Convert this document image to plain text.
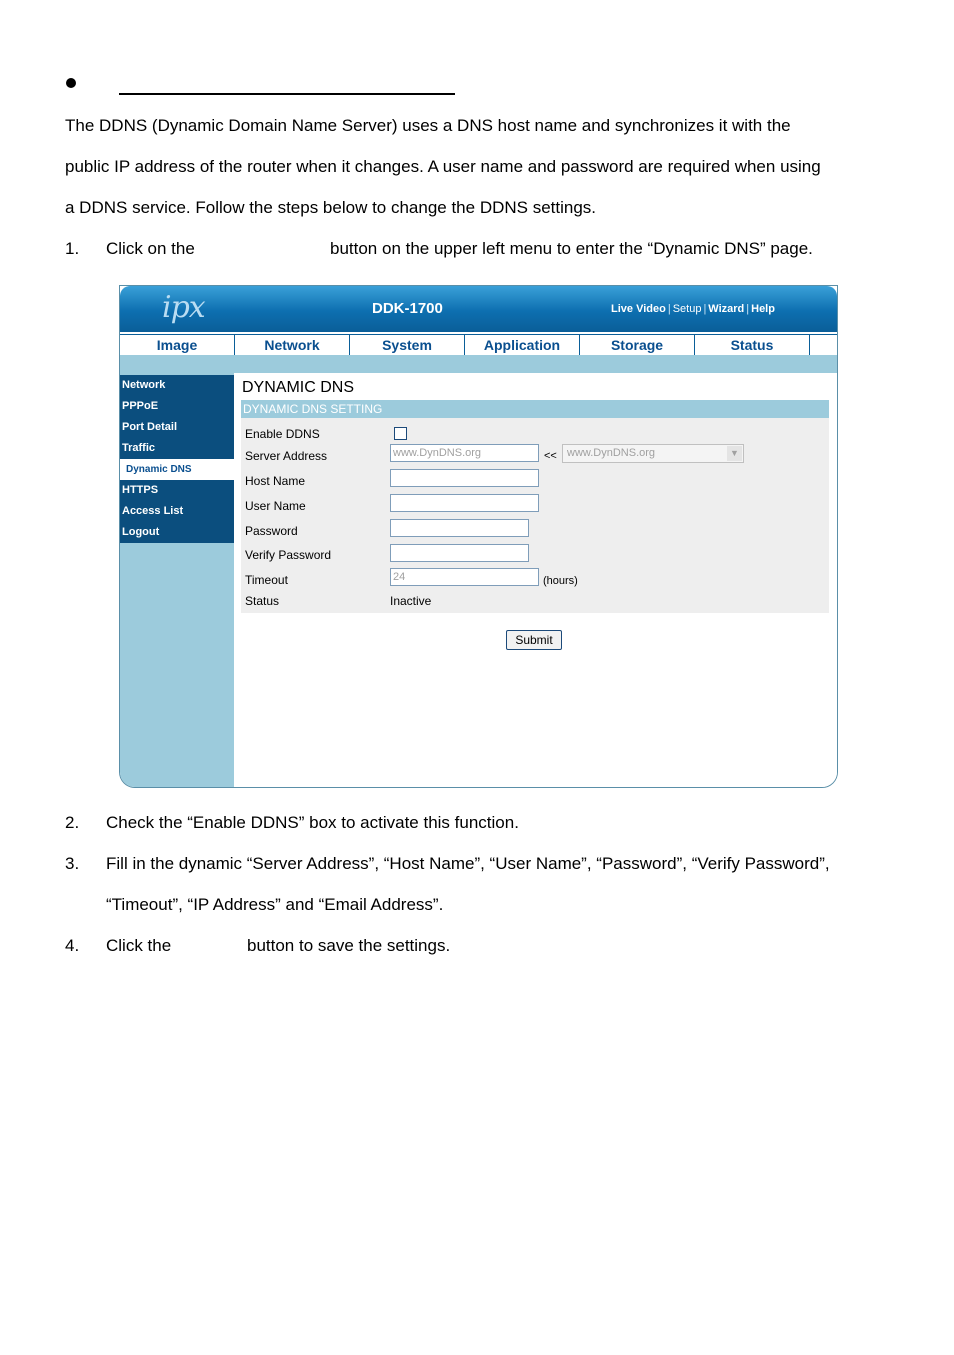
The DDNS (Dynamic Domain Name Server) uses a DNS host name and synchronizes it with the
public IP address of the router when it changes. A user name and password are required when using
a DDNS service. Follow the steps below to change the DDNS settings.
1. Click on the	button on the upper left menu to enter the “Dynamic DNS” page.
ipx	DDK-1700	Live Video | Setup | Wizard | Help
Image	Network	System	Application	Storage	Status
Network
PPPoE
Port Detail
Traffic
Dynamic DNS
HTTPS
Access List
Logout
DYNAMIC DNS
DYNAMIC DNS SETTING
Enable DDNS
Server Address	www.DynDNS.org	<< www.DynDNS.org	▼
Host Name
User Name
Password
Verify Password
Timeout	24	(hours)
Status	Inactive
Submit
2. Check the “Enable DDNS” box to activate this function.
3. Fill in the dynamic “Server Address”, “Host Name”, “User Name”, “Password”, “Verify Password”,
“Timeout”, “IP Address” and “Email Address”.
4. Click the	button to save the settings.
